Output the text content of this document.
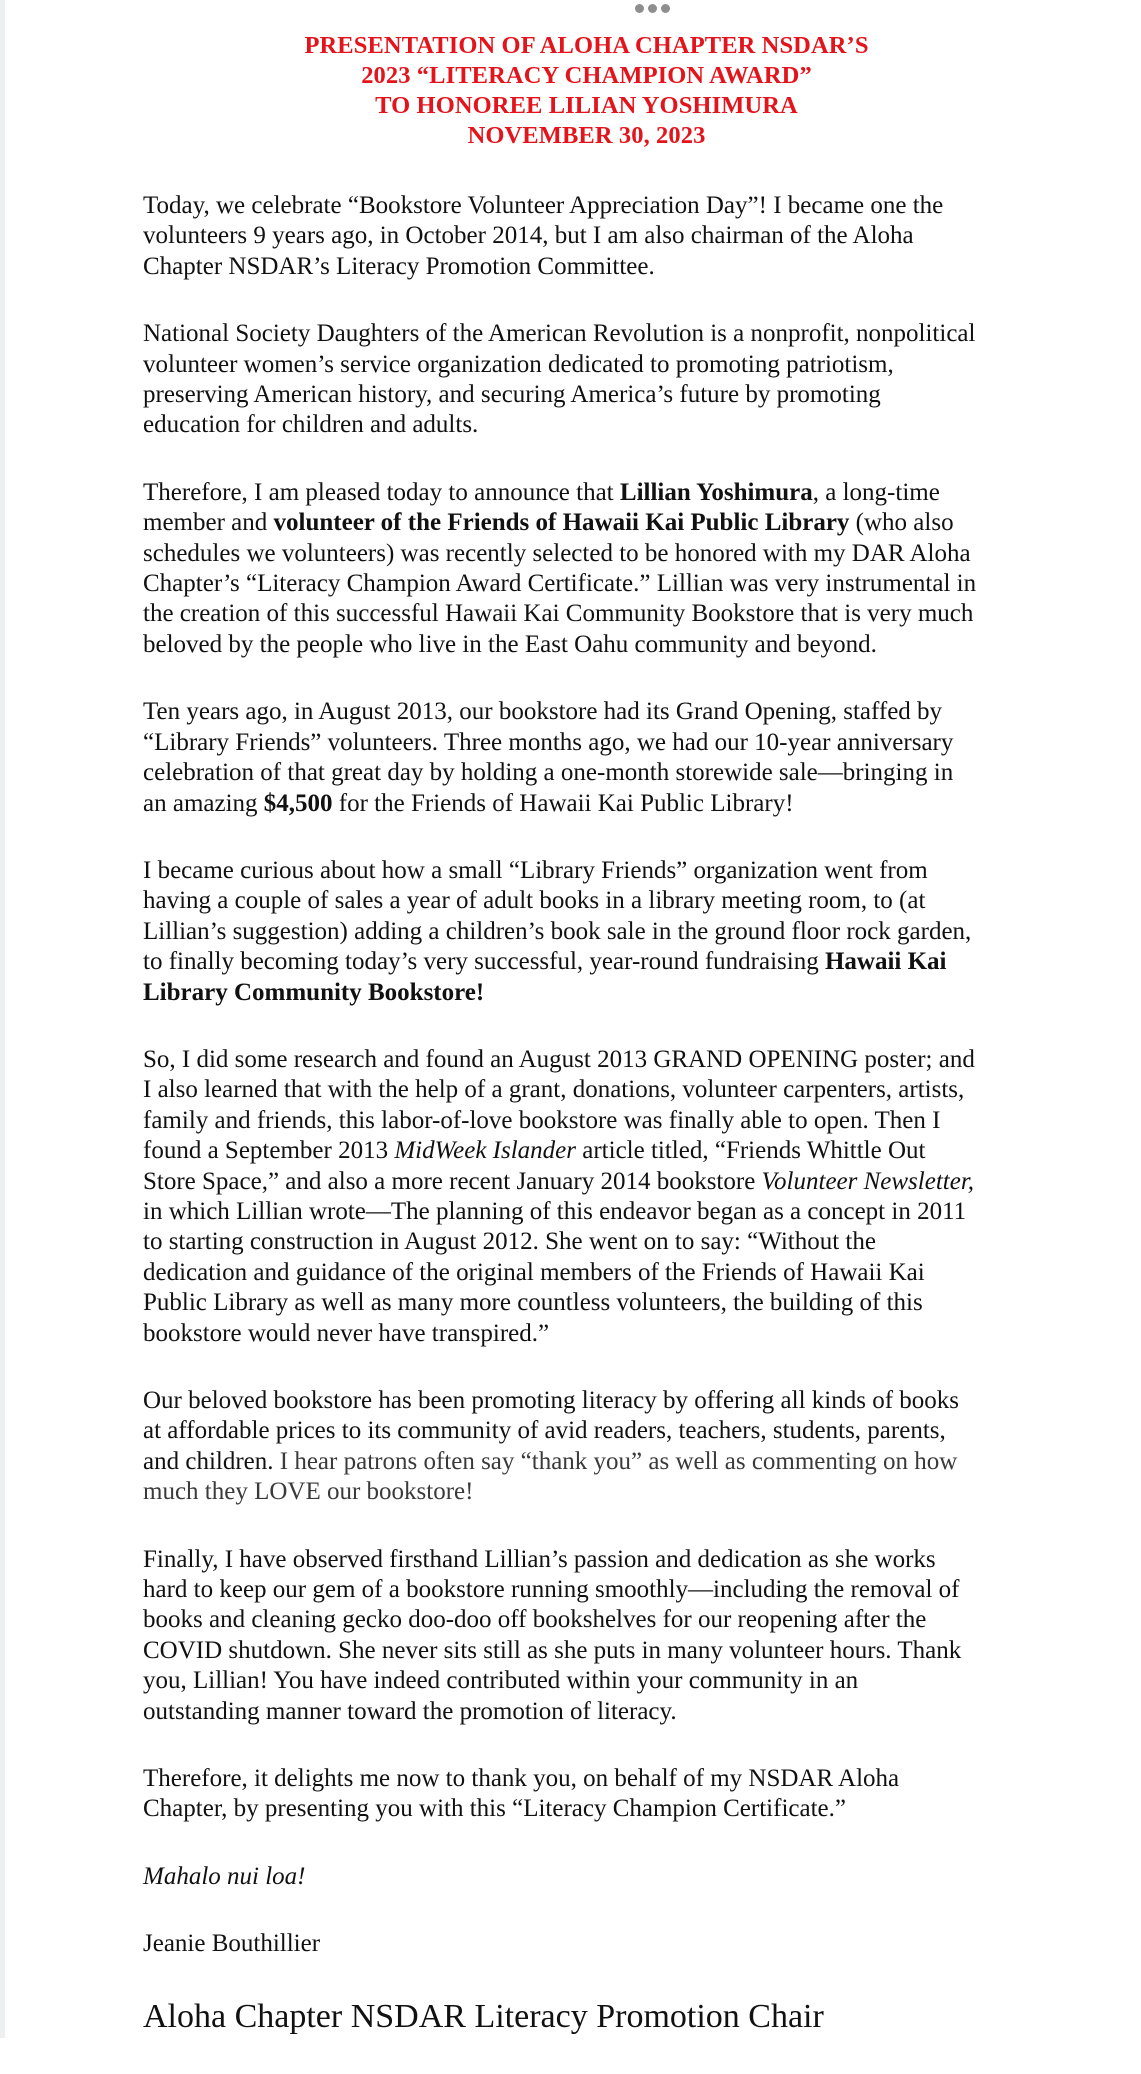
PRESENTATION OF ALOHA CHAPTER NSDAR’S
2023 “LITERACY CHAMPION AWARD”
TO HONOREE LILIAN YOSHIMURA
NOVEMBER 30, 2023

Today, we celebrate “Bookstore Volunteer Appreciation Day”! I became one the
volunteers 9 years ago, in October 2014, but I am also chairman of the Aloha
Chapter NSDAR’s Literacy Promotion Committee.

National Society Daughters of the American Revolution is a nonprofit, nonpolitical
volunteer women’s service organization dedicated to promoting patriotism,
preserving American history, and securing America’s future by promoting
education for children and adults.

Therefore, I am pleased today to announce that Lillian Yoshimura, a long-time
member and volunteer of the Friends of Hawaii Kai Public Library (who also
schedules we volunteers) was recently selected to be honored with my DAR Aloha
Chapter’s “Literacy Champion Award Certificate.” Lillian was very instrumental in
the creation of this successful Hawaii Kai Community Bookstore that is very much
beloved by the people who live in the East Oahu community and beyond.

Ten years ago, in August 2013, our bookstore had its Grand Opening, staffed by
“Library Friends” volunteers. Three months ago, we had our 10-year anniversary
celebration of that great day by holding a one-month storewide sale—bringing in
an amazing $4,500 for the Friends of Hawaii Kai Public Library!

I became curious about how a small “Library Friends” organization went from
having a couple of sales a year of adult books in a library meeting room, to (at
Lillian’s suggestion) adding a children’s book sale in the ground floor rock garden,
to finally becoming today’s very successful, year-round fundraising Hawaii Kai
Library Community Bookstore!

So, I did some research and found an August 2013 GRAND OPENING poster; and
I also learned that with the help of a grant, donations, volunteer carpenters, artists,
family and friends, this labor-of-love bookstore was finally able to open. Then I
found a September 2013 MidWeek Islander article titled, “Friends Whittle Out
Store Space,” and also a more recent January 2014 bookstore Volunteer Newsletter,
in which Lillian wrote—The planning of this endeavor began as a concept in 2011
to starting construction in August 2012. She went on to say: “Without the
dedication and guidance of the original members of the Friends of Hawaii Kai
Public Library as well as many more countless volunteers, the building of this
bookstore would never have transpired.”

Our beloved bookstore has been promoting literacy by offering all kinds of books
at affordable prices to its community of avid readers, teachers, students, parents,
and children. I hear patrons often say “thank you” as well as commenting on how
much they LOVE our bookstore!

Finally, I have observed firsthand Lillian’s passion and dedication as she works
hard to keep our gem of a bookstore running smoothly—including the removal of
books and cleaning gecko doo-doo off bookshelves for our reopening after the
COVID shutdown. She never sits still as she puts in many volunteer hours. Thank
you, Lillian! You have indeed contributed within your community in an
outstanding manner toward the promotion of literacy.

Therefore, it delights me now to thank you, on behalf of my NSDAR Aloha
Chapter, by presenting you with this “Literacy Champion Certificate.”

Mahalo nui loa!

Jeanie Bouthillier

Aloha Chapter NSDAR Literacy Promotion Chair
